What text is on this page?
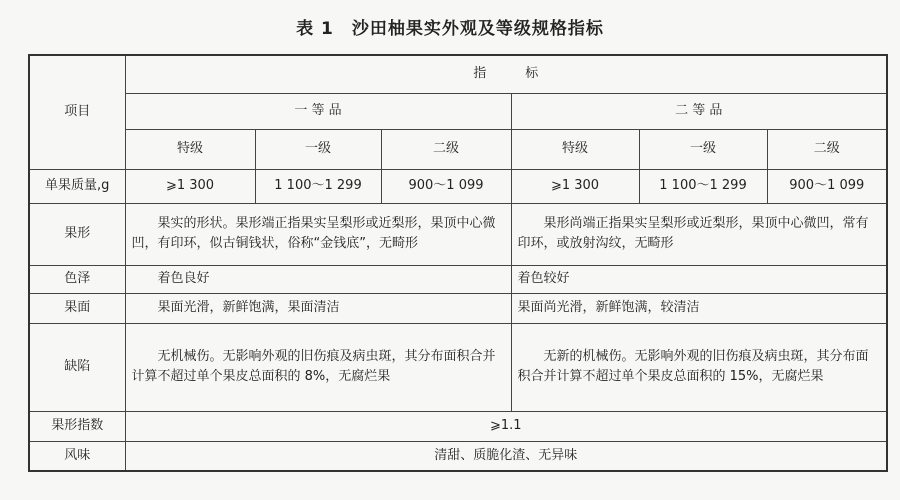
表 1　沙田柚果实外观及等级规格指标
项目	指　　　标					
	一 等 品			二 等 品		
	特级	一级	二级	特级	一级	二级
单果质量,g	⩾1 300	1 100～1 299	900～1 099	⩾1 300	1 100～1 299	900～1 099
果形	果实的形状。果形端正指果实呈梨形或近梨形，果顶中心微凹，有印环，似古铜钱状，俗称“金钱底”，无畸形			果形尚端正指果实呈梨形或近梨形，果顶中心微凹，常有印环，或放射沟纹，无畸形		
色泽	着色良好			着色较好		
果面	果面光滑，新鲜饱满，果面清洁			果面尚光滑，新鲜饱满，较清洁		
缺陷	无机械伤。无影响外观的旧伤痕及病虫斑，其分布面积合并计算不超过单个果皮总面积的 8%，无腐烂果			无新的机械伤。无影响外观的旧伤痕及病虫斑，其分布面积合并计算不超过单个果皮总面积的 15%，无腐烂果		
果形指数	⩾1.1					
风味	清甜、质脆化渣、无异味					
